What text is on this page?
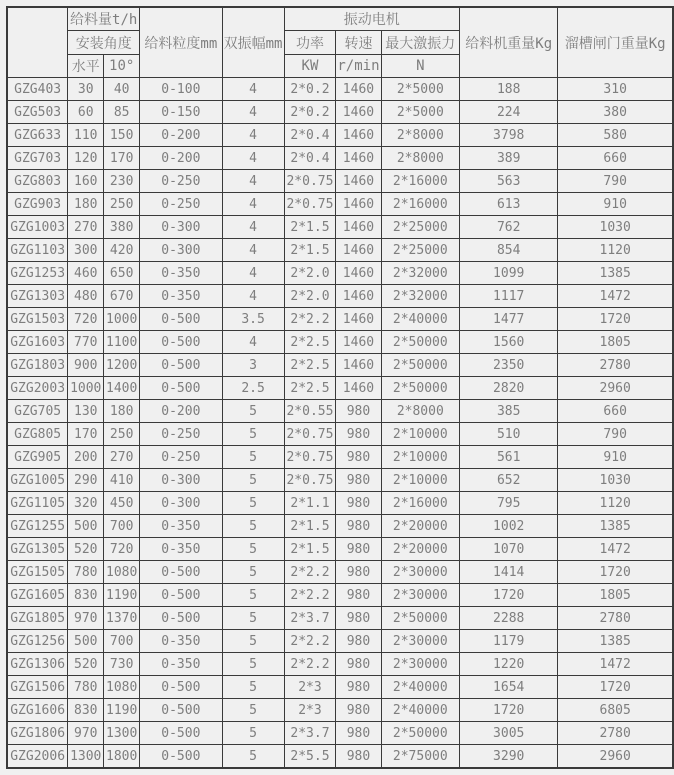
	给料量t/h		给料粒度mm	双振幅mm	振动电机			给料机重量Kg	溜槽闸门重量Kg
	安装角度				功率	转速	最大激振力		
	水平	10°			KW	r/min	N		
GZG403	30	40	0-100	4	2*0.2	1460	2*5000	188	310
GZG503	60	85	0-150	4	2*0.2	1460	2*5000	224	380
GZG633	110	150	0-200	4	2*0.4	1460	2*8000	3798	580
GZG703	120	170	0-200	4	2*0.4	1460	2*8000	389	660
GZG803	160	230	0-250	4	2*0.75	1460	2*16000	563	790
GZG903	180	250	0-250	4	2*0.75	1460	2*16000	613	910
GZG1003	270	380	0-300	4	2*1.5	1460	2*25000	762	1030
GZG1103	300	420	0-300	4	2*1.5	1460	2*25000	854	1120
GZG1253	460	650	0-350	4	2*2.0	1460	2*32000	1099	1385
GZG1303	480	670	0-350	4	2*2.0	1460	2*32000	1117	1472
GZG1503	720	1000	0-500	3.5	2*2.2	1460	2*40000	1477	1720
GZG1603	770	1100	0-500	4	2*2.5	1460	2*50000	1560	1805
GZG1803	900	1200	0-500	3	2*2.5	1460	2*50000	2350	2780
GZG2003	1000	1400	0-500	2.5	2*2.5	1460	2*50000	2820	2960
GZG705	130	180	0-200	5	2*0.55	980	2*8000	385	660
GZG805	170	250	0-250	5	2*0.75	980	2*10000	510	790
GZG905	200	270	0-250	5	2*0.75	980	2*10000	561	910
GZG1005	290	410	0-300	5	2*0.75	980	2*10000	652	1030
GZG1105	320	450	0-300	5	2*1.1	980	2*16000	795	1120
GZG1255	500	700	0-350	5	2*1.5	980	2*20000	1002	1385
GZG1305	520	720	0-350	5	2*1.5	980	2*20000	1070	1472
GZG1505	780	1080	0-500	5	2*2.2	980	2*30000	1414	1720
GZG1605	830	1190	0-500	5	2*2.2	980	2*30000	1720	1805
GZG1805	970	1370	0-500	5	2*3.7	980	2*50000	2288	2780
GZG1256	500	700	0-350	5	2*2.2	980	2*30000	1179	1385
GZG1306	520	730	0-350	5	2*2.2	980	2*30000	1220	1472
GZG1506	780	1080	0-500	5	2*3	980	2*40000	1654	1720
GZG1606	830	1190	0-500	5	2*3	980	2*40000	1720	6805
GZG1806	970	1300	0-500	5	2*3.7	980	2*50000	3005	2780
GZG2006	1300	1800	0-500	5	2*5.5	980	2*75000	3290	2960
